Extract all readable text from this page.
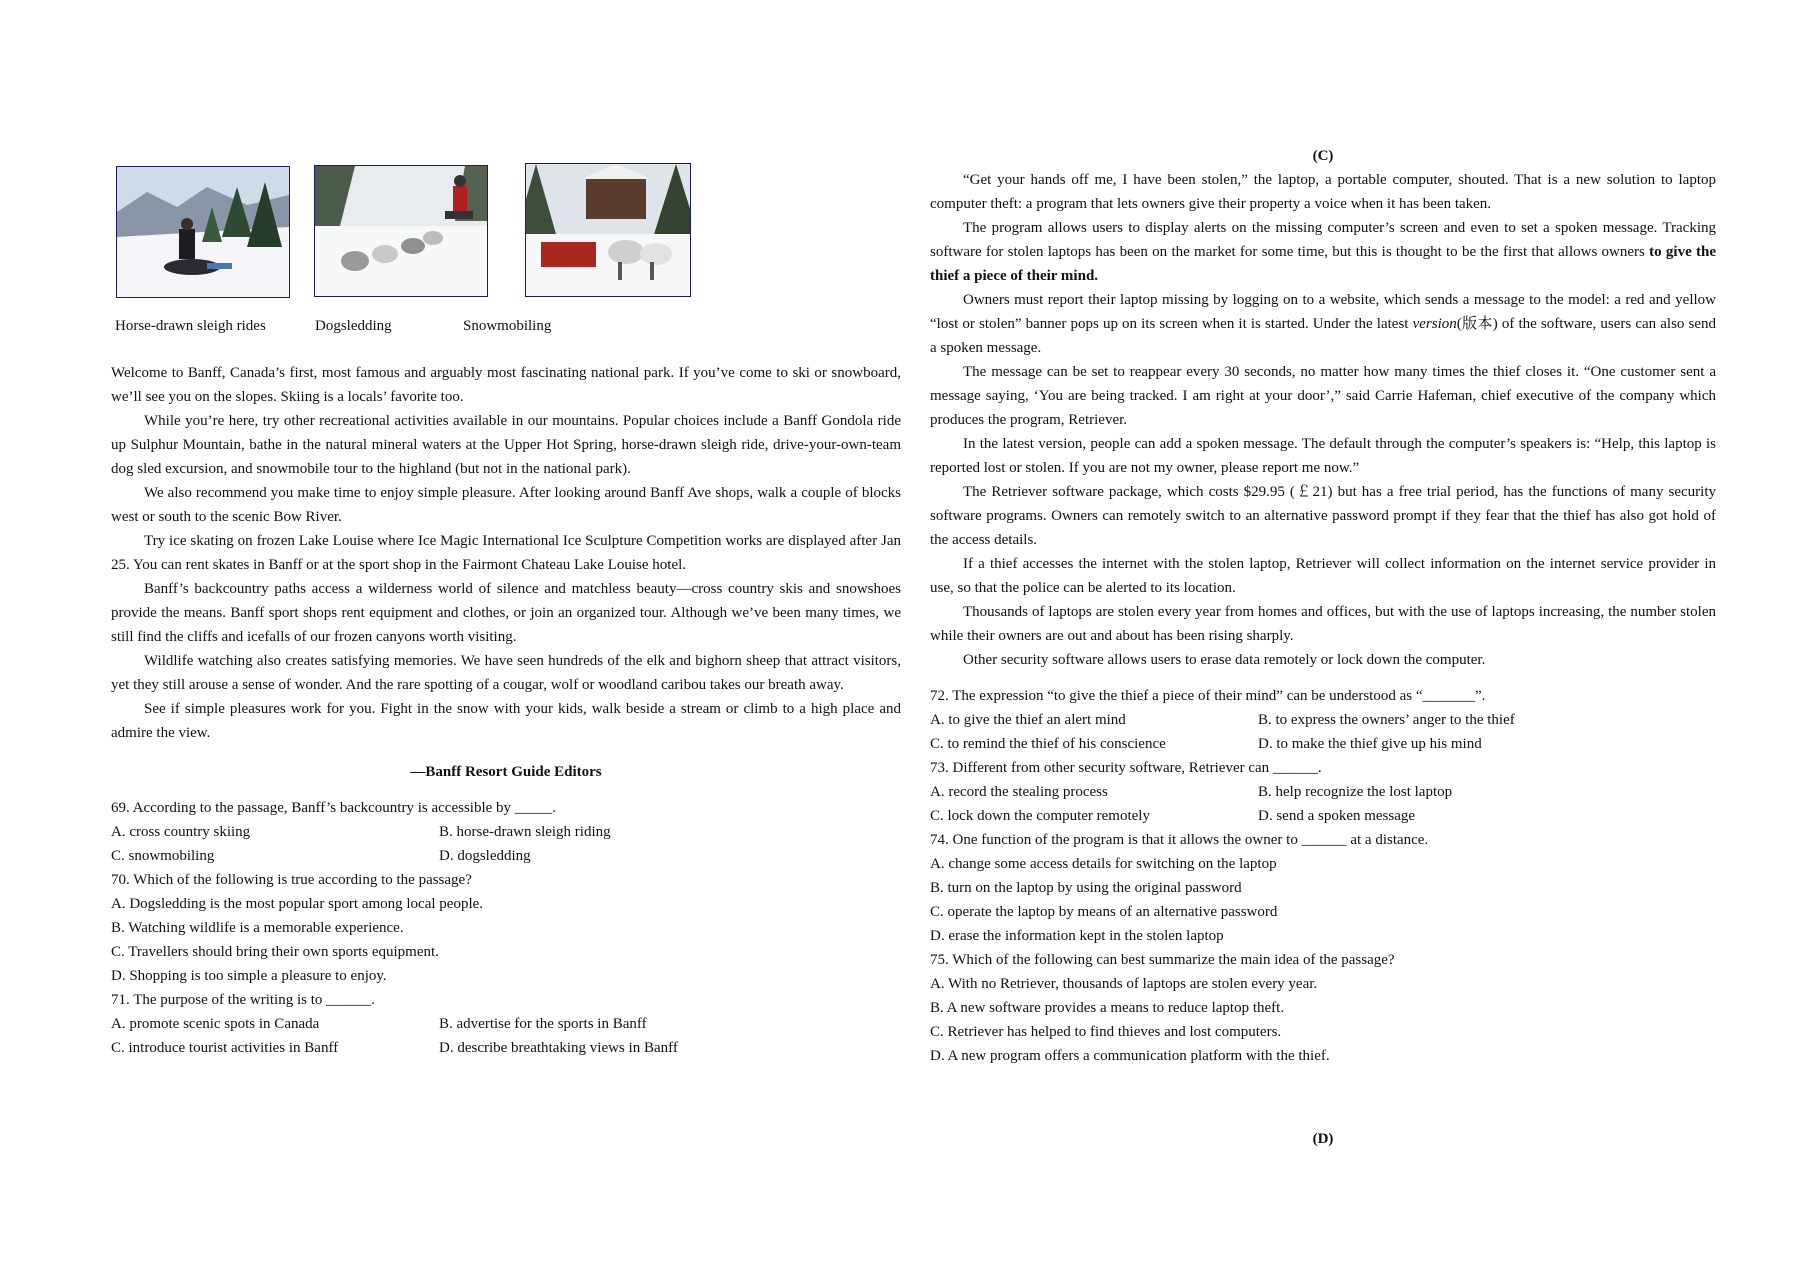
Horse-drawn sleigh rides	Dogsledding	Snowmobiling

Welcome to Banff, Canada’s first, most famous and arguably most fascinating national park. If you’ve come to ski or snowboard, we’ll see you on the slopes. Skiing is a locals’ favorite too.

While you’re here, try other recreational activities available in our mountains. Popular choices include a Banff Gondola ride up Sulphur Mountain, bathe in the natural mineral waters at the Upper Hot Spring, horse-drawn sleigh ride, drive-your-own-team dog sled excursion, and snowmobile tour to the highland (but not in the national park).

We also recommend you make time to enjoy simple pleasure. After looking around Banff Ave shops, walk a couple of blocks west or south to the scenic Bow River.

Try ice skating on frozen Lake Louise where Ice Magic International Ice Sculpture Competition works are displayed after Jan 25. You can rent skates in Banff or at the sport shop in the Fairmont Chateau Lake Louise hotel.

Banff’s backcountry paths access a wilderness world of silence and matchless beauty—cross country skis and snowshoes provide the means. Banff sport shops rent equipment and clothes, or join an organized tour. Although we’ve been many times, we still find the cliffs and icefalls of our frozen canyons worth visiting.

Wildlife watching also creates satisfying memories. We have seen hundreds of the elk and bighorn sheep that attract visitors, yet they still arouse a sense of wonder. And the rare spotting of a cougar, wolf or woodland caribou takes our breath away.

See if simple pleasures work for you. Fight in the snow with your kids, walk beside a stream or climb to a high place and admire the view.

—Banff Resort Guide Editors

69. According to the passage, Banff’s backcountry is accessible by _____.

A. cross country skiing	B. horse-drawn sleigh riding
C. snowmobiling	D. dogsledding

70. Which of the following is true according to the passage?

A. Dogsledding is the most popular sport among local people.

B. Watching wildlife is a memorable experience.

C. Travellers should bring their own sports equipment.

D. Shopping is too simple a pleasure to enjoy.

71. The purpose of the writing is to ______.

A. promote scenic spots in Canada	B. advertise for the sports in Banff
C. introduce tourist activities in Banff	D. describe breathtaking views in Banff

(C)

“Get your hands off me, I have been stolen,” the laptop, a portable computer, shouted. That is a new solution to laptop computer theft: a program that lets owners give their property a voice when it has been taken.

The program allows users to display alerts on the missing computer’s screen and even to set a spoken message. Tracking software for stolen laptops has been on the market for some time, but this is thought to be the first that allows owners to give the thief a piece of their mind.

Owners must report their laptop missing by logging on to a website, which sends a message to the model: a red and yellow “lost or stolen” banner pops up on its screen when it is started. Under the latest version(版本) of the software, users can also send a spoken message.

The message can be set to reappear every 30 seconds, no matter how many times the thief closes it. “One customer sent a message saying, ‘You are being tracked. I am right at your door’,” said Carrie Hafeman, chief executive of the company which produces the program, Retriever.

In the latest version, people can add a spoken message. The default through the computer’s speakers is: “Help, this laptop is reported lost or stolen. If you are not my owner, please report me now.”

The Retriever software package, which costs $29.95 (￡21) but has a free trial period, has the functions of many security software programs. Owners can remotely switch to an alternative password prompt if they fear that the thief has also got hold of the access details.

If a thief accesses the internet with the stolen laptop, Retriever will collect information on the internet service provider in use, so that the police can be alerted to its location.

Thousands of laptops are stolen every year from homes and offices, but with the use of laptops increasing, the number stolen while their owners are out and about has been rising sharply.

Other security software allows users to erase data remotely or lock down the computer.

72. The expression “to give the thief a piece of their mind” can be understood as “_______”.

A. to give the thief an alert mind	B. to express the owners’ anger to the thief
C. to remind the thief of his conscience	D. to make the thief give up his mind

73. Different from other security software, Retriever can ______.

A. record the stealing process	B. help recognize the lost laptop
C. lock down the computer remotely	D. send a spoken message

74. One function of the program is that it allows the owner to ______ at a distance.

A. change some access details for switching on the laptop

B. turn on the laptop by using the original password

C. operate the laptop by means of an alternative password

D. erase the information kept in the stolen laptop

75. Which of the following can best summarize the main idea of the passage?

A. With no Retriever, thousands of laptops are stolen every year.

B. A new software provides a means to reduce laptop theft.

C. Retriever has helped to find thieves and lost computers.

D. A new program offers a communication platform with the thief.

(D)
